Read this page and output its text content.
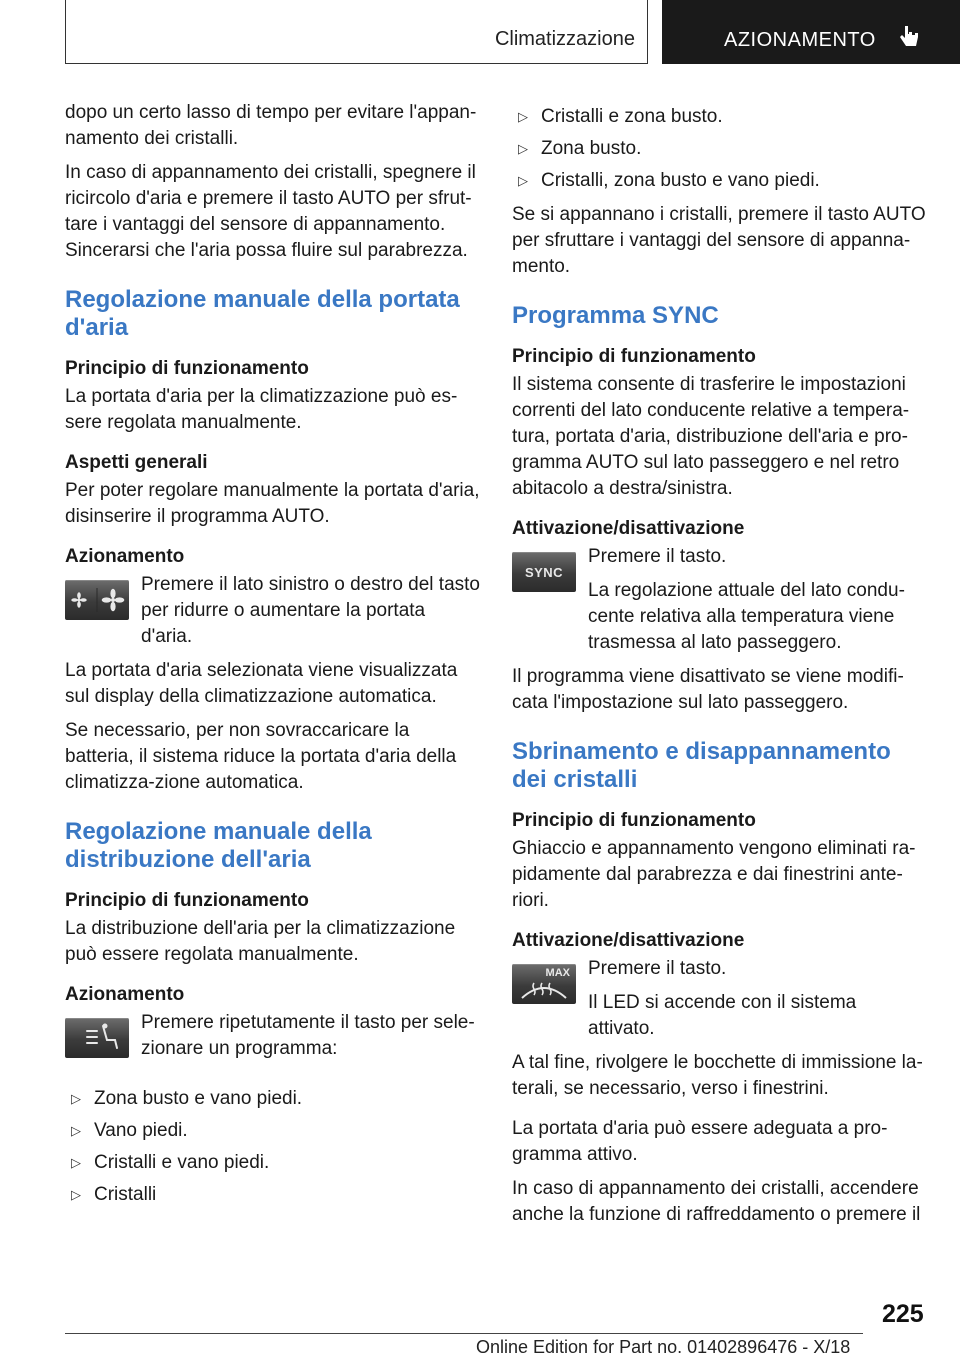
Climatizzazione	AZIONAMENTO

dopo un certo lasso di tempo per evitare l'appan-namento dei cristalli.

In caso di appannamento dei cristalli, spegnere il ricircolo d'aria e premere il tasto AUTO per sfrut-tare i vantaggi del sensore di appannamento. Sincerarsi che l'aria possa fluire sul parabrezza.

Regolazione manuale della portata d'aria
Principio di funzionamento

La portata d'aria per la climatizzazione può es-sere regolata manualmente.

Aspetti generali

Per poter regolare manualmente la portata d'aria, disinserire il programma AUTO.

Azionamento

Premere il lato sinistro o destro del tasto per ridurre o aumentare la portata d'aria.

La portata d'aria selezionata viene visualizzata sul display della climatizzazione automatica.

Se necessario, per non sovraccaricare la batteria, il sistema riduce la portata d'aria della climatizza-zione automatica.

Regolazione manuale della distribuzione dell'aria
Principio di funzionamento

La distribuzione dell'aria per la climatizzazione può essere regolata manualmente.

Azionamento

Premere ripetutamente il tasto per sele-zionare un programma:

▷ Zona busto e vano piedi.
▷ Vano piedi.
▷ Cristalli e vano piedi.
▷ Cristalli
▷ Cristalli e zona busto.
▷ Zona busto.
▷ Cristalli, zona busto e vano piedi.

Se si appannano i cristalli, premere il tasto AUTO per sfruttare i vantaggi del sensore di appanna-mento.

Programma SYNC
Principio di funzionamento

Il sistema consente di trasferire le impostazioni correnti del lato conducente relative a tempera-tura, portata d'aria, distribuzione dell'aria e pro-gramma AUTO sul lato passeggero e nel retro abitacolo a destra/sinistra.

Attivazione/disattivazione
SYNC

Premere il tasto.

La regolazione attuale del lato condu-cente relativa alla temperatura viene trasmessa al lato passeggero.

Il programma viene disattivato se viene modifi-cata l'impostazione sul lato passeggero.

Sbrinamento e disappannamento dei cristalli
Principio di funzionamento

Ghiaccio e appannamento vengono eliminati ra-pidamente dal parabrezza e dai finestrini ante-riori.

Attivazione/disattivazione
MAX Premere il tasto.

Il LED si accende con il sistema attivato.

A tal fine, rivolgere le bocchette di immissione la-terali, se necessario, verso i finestrini.

La portata d'aria può essere adeguata a pro-gramma attivo.

In caso di appannamento dei cristalli, accendere anche la funzione di raffreddamento o premere il

225
Online Edition for Part no. 01402896476 - X/18
